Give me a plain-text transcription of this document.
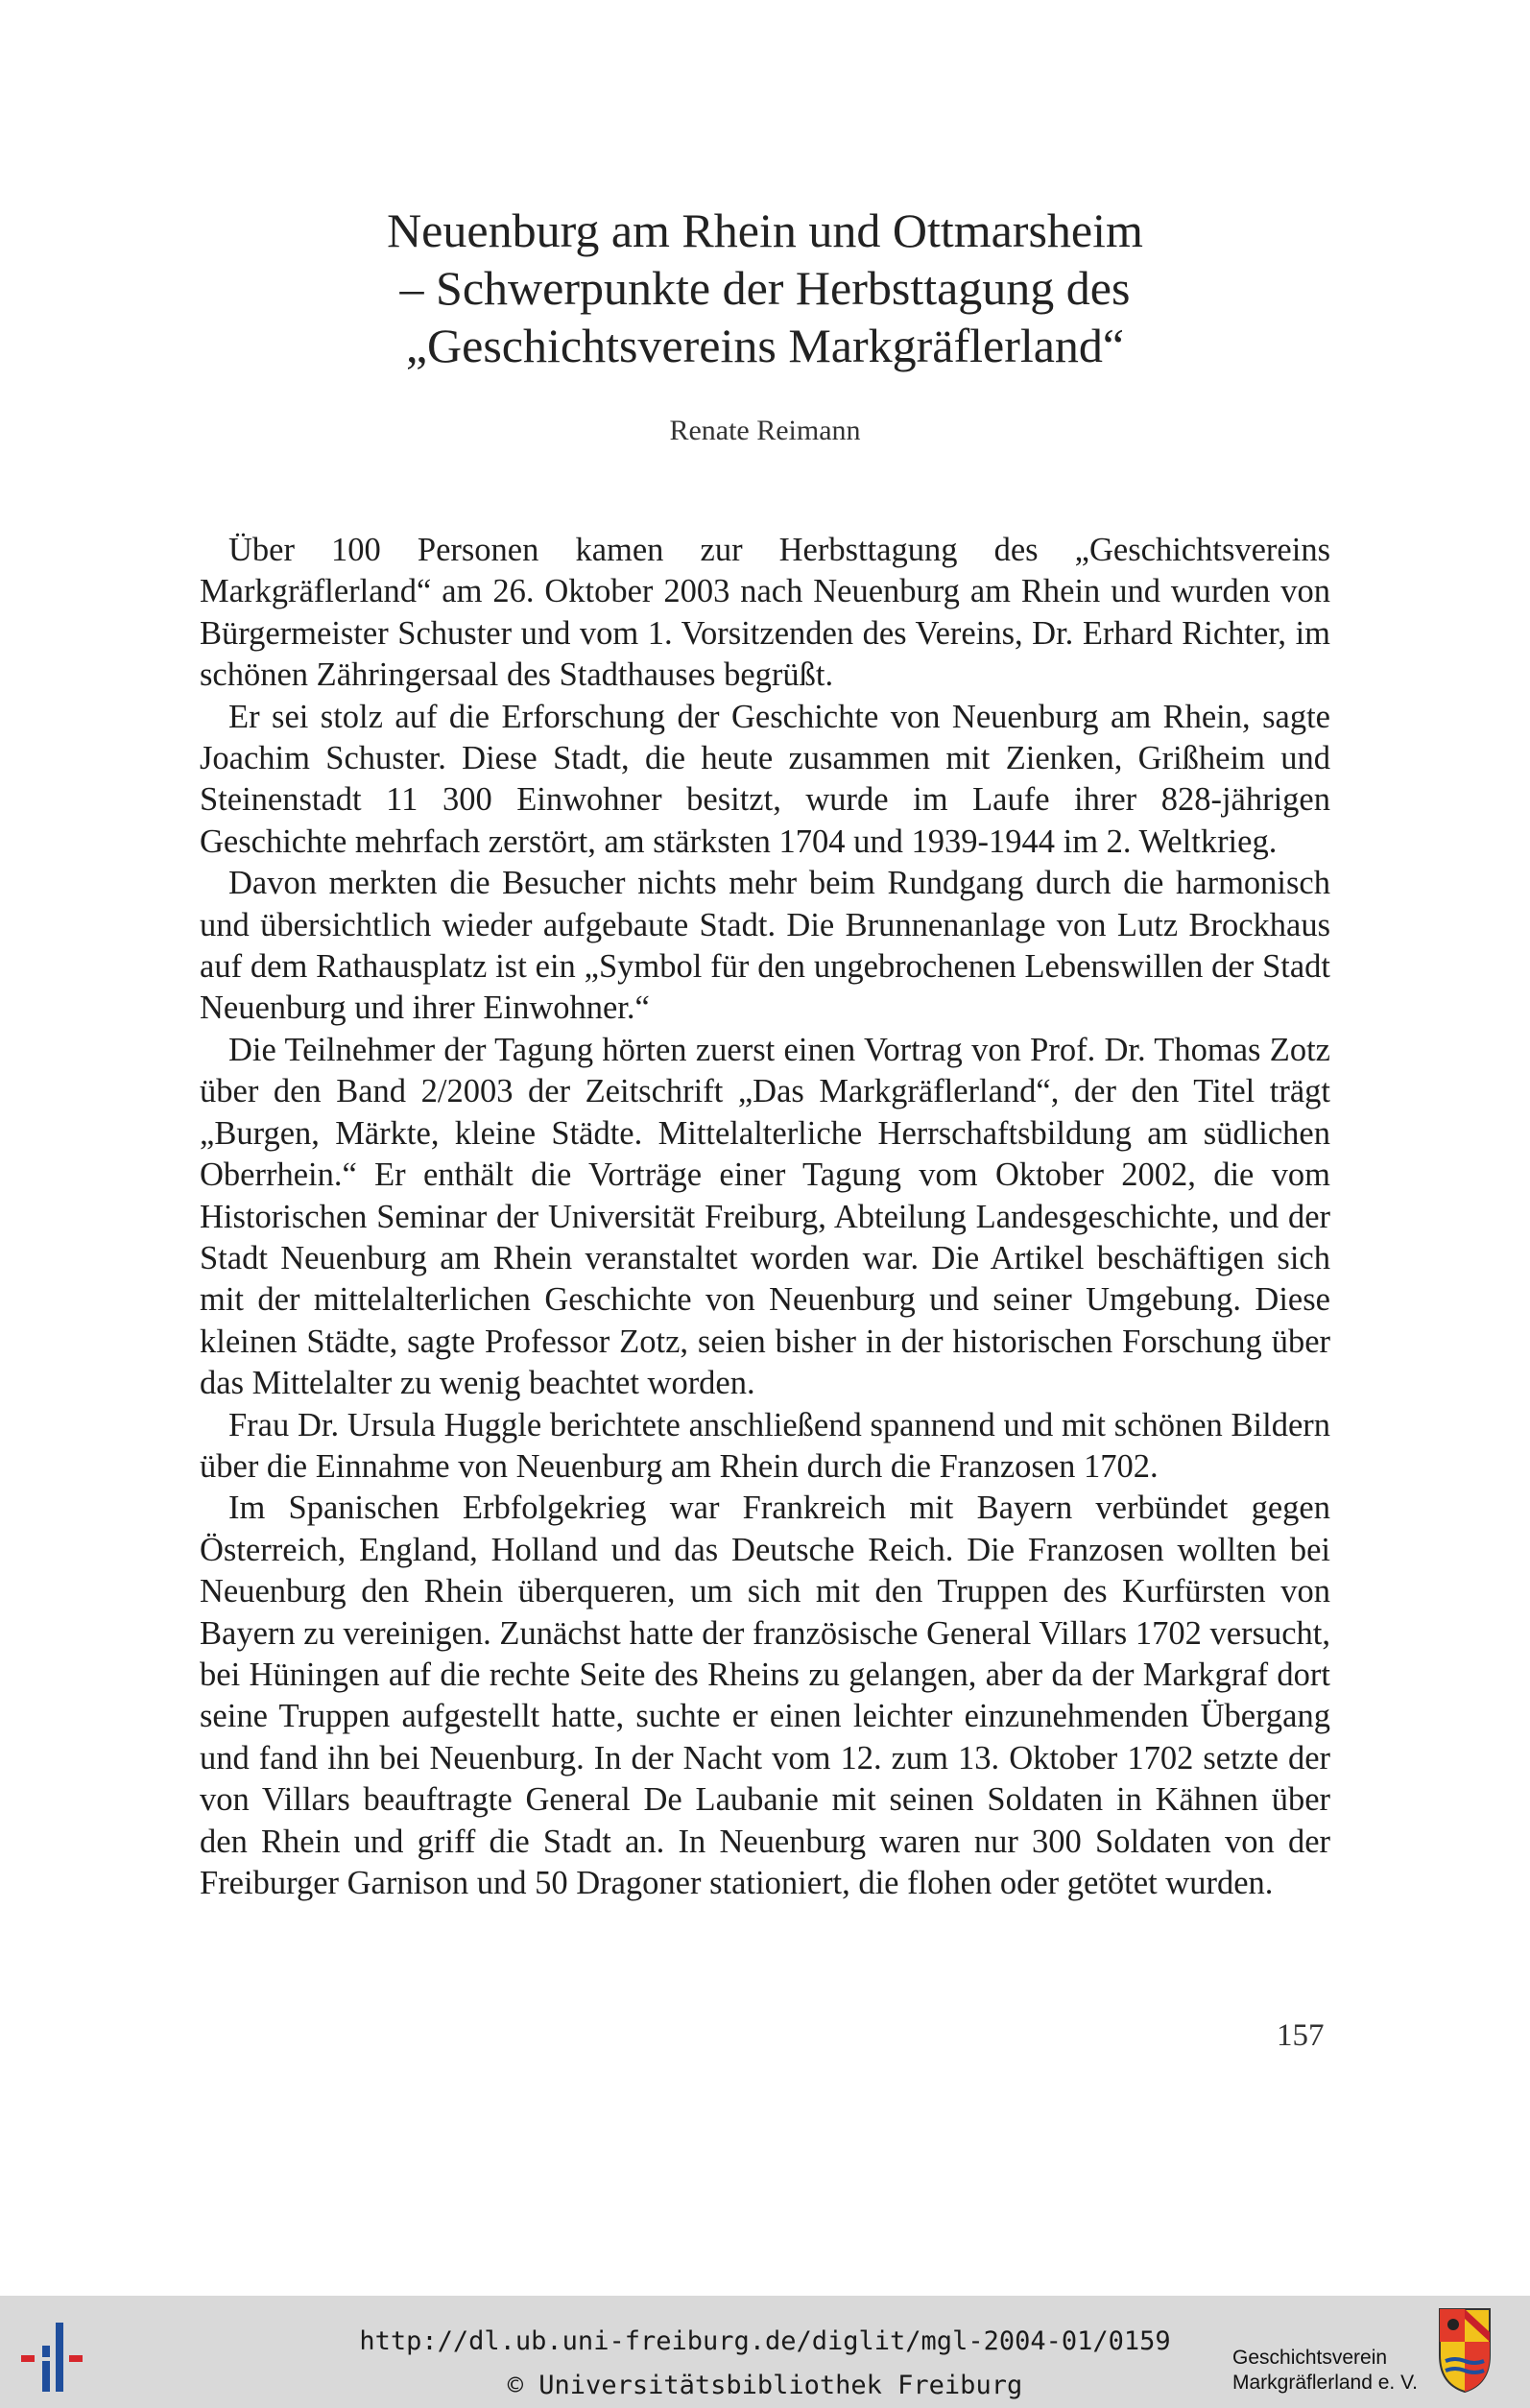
Neuenburg am Rhein und Ottmarsheim
– Schwerpunkte der Herbsttagung des
„Geschichtsvereins Markgräflerland“
Renate Reimann

Über 100 Personen kamen zur Herbsttagung des „Geschichtsvereins Markgräflerland“ am 26. Oktober 2003 nach Neuenburg am Rhein und wurden von Bürgermeister Schuster und vom 1. Vorsitzenden des Vereins, Dr. Erhard Richter, im schönen Zähringersaal des Stadthauses begrüßt.

Er sei stolz auf die Erforschung der Geschichte von Neuenburg am Rhein, sagte Joachim Schuster. Diese Stadt, die heute zusammen mit Zienken, Grißheim und Steinenstadt 11 300 Einwohner besitzt, wurde im Laufe ihrer 828-jährigen Geschichte mehrfach zerstört, am stärksten 1704 und 1939-1944 im 2. Weltkrieg.

Davon merkten die Besucher nichts mehr beim Rundgang durch die harmonisch und übersichtlich wieder aufgebaute Stadt. Die Brunnenanlage von Lutz Brockhaus auf dem Rathausplatz ist ein „Symbol für den ungebrochenen Lebenswillen der Stadt Neuenburg und ihrer Einwohner.“

Die Teilnehmer der Tagung hörten zuerst einen Vortrag von Prof. Dr. Thomas Zotz über den Band 2/2003 der Zeitschrift „Das Markgräflerland“, der den Titel trägt „Burgen, Märkte, kleine Städte. Mittelalterliche Herrschaftsbildung am südlichen Oberrhein.“ Er enthält die Vorträge einer Tagung vom Oktober 2002, die vom Historischen Seminar der Universität Freiburg, Abteilung Landesgeschichte, und der Stadt Neuenburg am Rhein veranstaltet worden war. Die Artikel beschäftigen sich mit der mittelalterlichen Geschichte von Neuenburg und seiner Umgebung. Diese kleinen Städte, sagte Professor Zotz, seien bisher in der historischen Forschung über das Mittelalter zu wenig beachtet worden.

Frau Dr. Ursula Huggle berichtete anschließend spannend und mit schönen Bildern über die Einnahme von Neuenburg am Rhein durch die Franzosen 1702.

Im Spanischen Erbfolgekrieg war Frankreich mit Bayern verbündet gegen Österreich, England, Holland und das Deutsche Reich. Die Franzosen wollten bei Neuenburg den Rhein überqueren, um sich mit den Truppen des Kurfürsten von Bayern zu vereinigen. Zunächst hatte der französische General Villars 1702 versucht, bei Hüningen auf die rechte Seite des Rheins zu gelangen, aber da der Markgraf dort seine Truppen aufgestellt hatte, suchte er einen leichter einzunehmenden Übergang und fand ihn bei Neuenburg. In der Nacht vom 12. zum 13. Oktober 1702 setzte der von Villars beauftragte General De Laubanie mit seinen Soldaten in Kähnen über den Rhein und griff die Stadt an. In Neuenburg waren nur 300 Soldaten von der Freiburger Garnison und 50 Dragoner stationiert, die flohen oder getötet wurden.

157
http://dl.ub.uni-freiburg.de/diglit/mgl-2004-01/0159
© Universitätsbibliothek Freiburg
Geschichtsverein
Markgräflerland e. V.
